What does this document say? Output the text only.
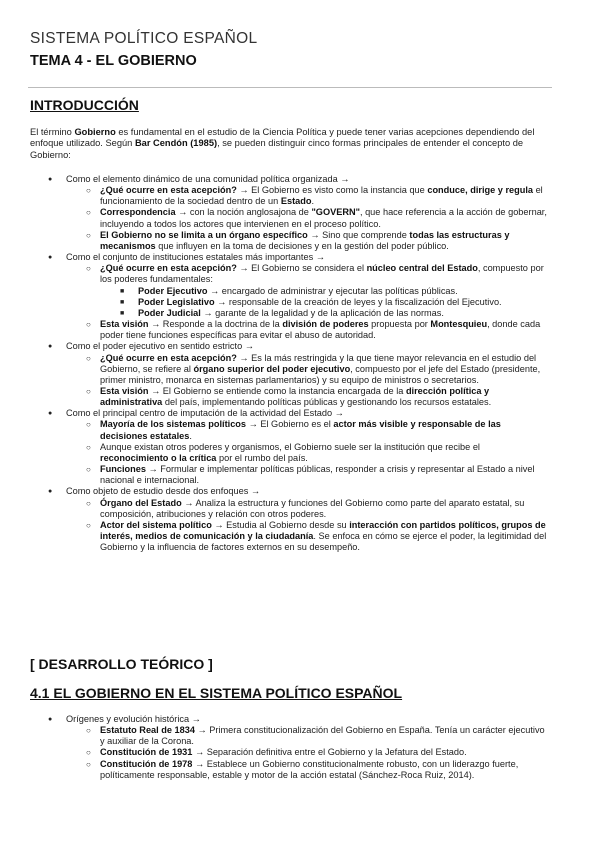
SISTEMA POLÍTICO ESPAÑOL
TEMA 4 - EL GOBIERNO
INTRODUCCIÓN
El término Gobierno es fundamental en el estudio de la Ciencia Política y puede tener varias acepciones dependiendo del enfoque utilizado. Según Bar Cendón (1985), se pueden distinguir cinco formas principales de entender el concepto de Gobierno:
● Como el elemento dinámico de una comunidad política organizada →
○ ¿Qué ocurre en esta acepción? → El Gobierno es visto como la instancia que conduce, dirige y regula el funcionamiento de la sociedad dentro de un Estado.
○ Correspondencia → con la noción anglosajona de "GOVERN", que hace referencia a la acción de gobernar, incluyendo a todos los actores que intervienen en el proceso político.
○ El Gobierno no se limita a un órgano específico → Sino que comprende todas las estructuras y mecanismos que influyen en la toma de decisiones y en la gestión del poder público.
● Como el conjunto de instituciones estatales más importantes →
○ ¿Qué ocurre en esta acepción? → El Gobierno se considera el núcleo central del Estado, compuesto por los poderes fundamentales:
■ Poder Ejecutivo → encargado de administrar y ejecutar las políticas públicas.
■ Poder Legislativo → responsable de la creación de leyes y la fiscalización del Ejecutivo.
■ Poder Judicial → garante de la legalidad y de la aplicación de las normas.
○ Esta visión → Responde a la doctrina de la división de poderes propuesta por Montesquieu, donde cada poder tiene funciones específicas para evitar el abuso de autoridad.
● Como el poder ejecutivo en sentido estricto →
○ ¿Qué ocurre en esta acepción? → Es la más restringida y la que tiene mayor relevancia en el estudio del Gobierno, se refiere al órgano superior del poder ejecutivo, compuesto por el jefe del Estado (presidente, primer ministro, monarca en sistemas parlamentarios) y su equipo de ministros o secretarios.
○ Esta visión → El Gobierno se entiende como la instancia encargada de la dirección política y administrativa del país, implementando políticas públicas y gestionando los recursos estatales.
● Como el principal centro de imputación de la actividad del Estado →
○ Mayoría de los sistemas políticos → El Gobierno es el actor más visible y responsable de las decisiones estatales.
○ Aunque existan otros poderes y organismos, el Gobierno suele ser la institución que recibe el reconocimiento o la crítica por el rumbo del país.
○ Funciones → Formular e implementar políticas públicas, responder a crisis y representar al Estado a nivel nacional e internacional.
● Como objeto de estudio desde dos enfoques →
○ Órgano del Estado → Analiza la estructura y funciones del Gobierno como parte del aparato estatal, su composición, atribuciones y relación con otros poderes.
○ Actor del sistema político → Estudia al Gobierno desde su interacción con partidos políticos, grupos de interés, medios de comunicación y la ciudadanía. Se enfoca en cómo se ejerce el poder, la legitimidad del Gobierno y la influencia de factores externos en su desempeño.
[ DESARROLLO TEÓRICO ]
4.1 EL GOBIERNO EN EL SISTEMA POLÍTICO ESPAÑOL
● Orígenes y evolución histórica →
○ Estatuto Real de 1834 → Primera constitucionalización del Gobierno en España. Tenía un carácter ejecutivo y auxiliar de la Corona.
○ Constitución de 1931 → Separación definitiva entre el Gobierno y la Jefatura del Estado.
○ Constitución de 1978 → Establece un Gobierno constitucionalmente robusto, con un liderazgo fuerte, políticamente responsable, estable y motor de la acción estatal (Sánchez-Roca Ruiz, 2014).
